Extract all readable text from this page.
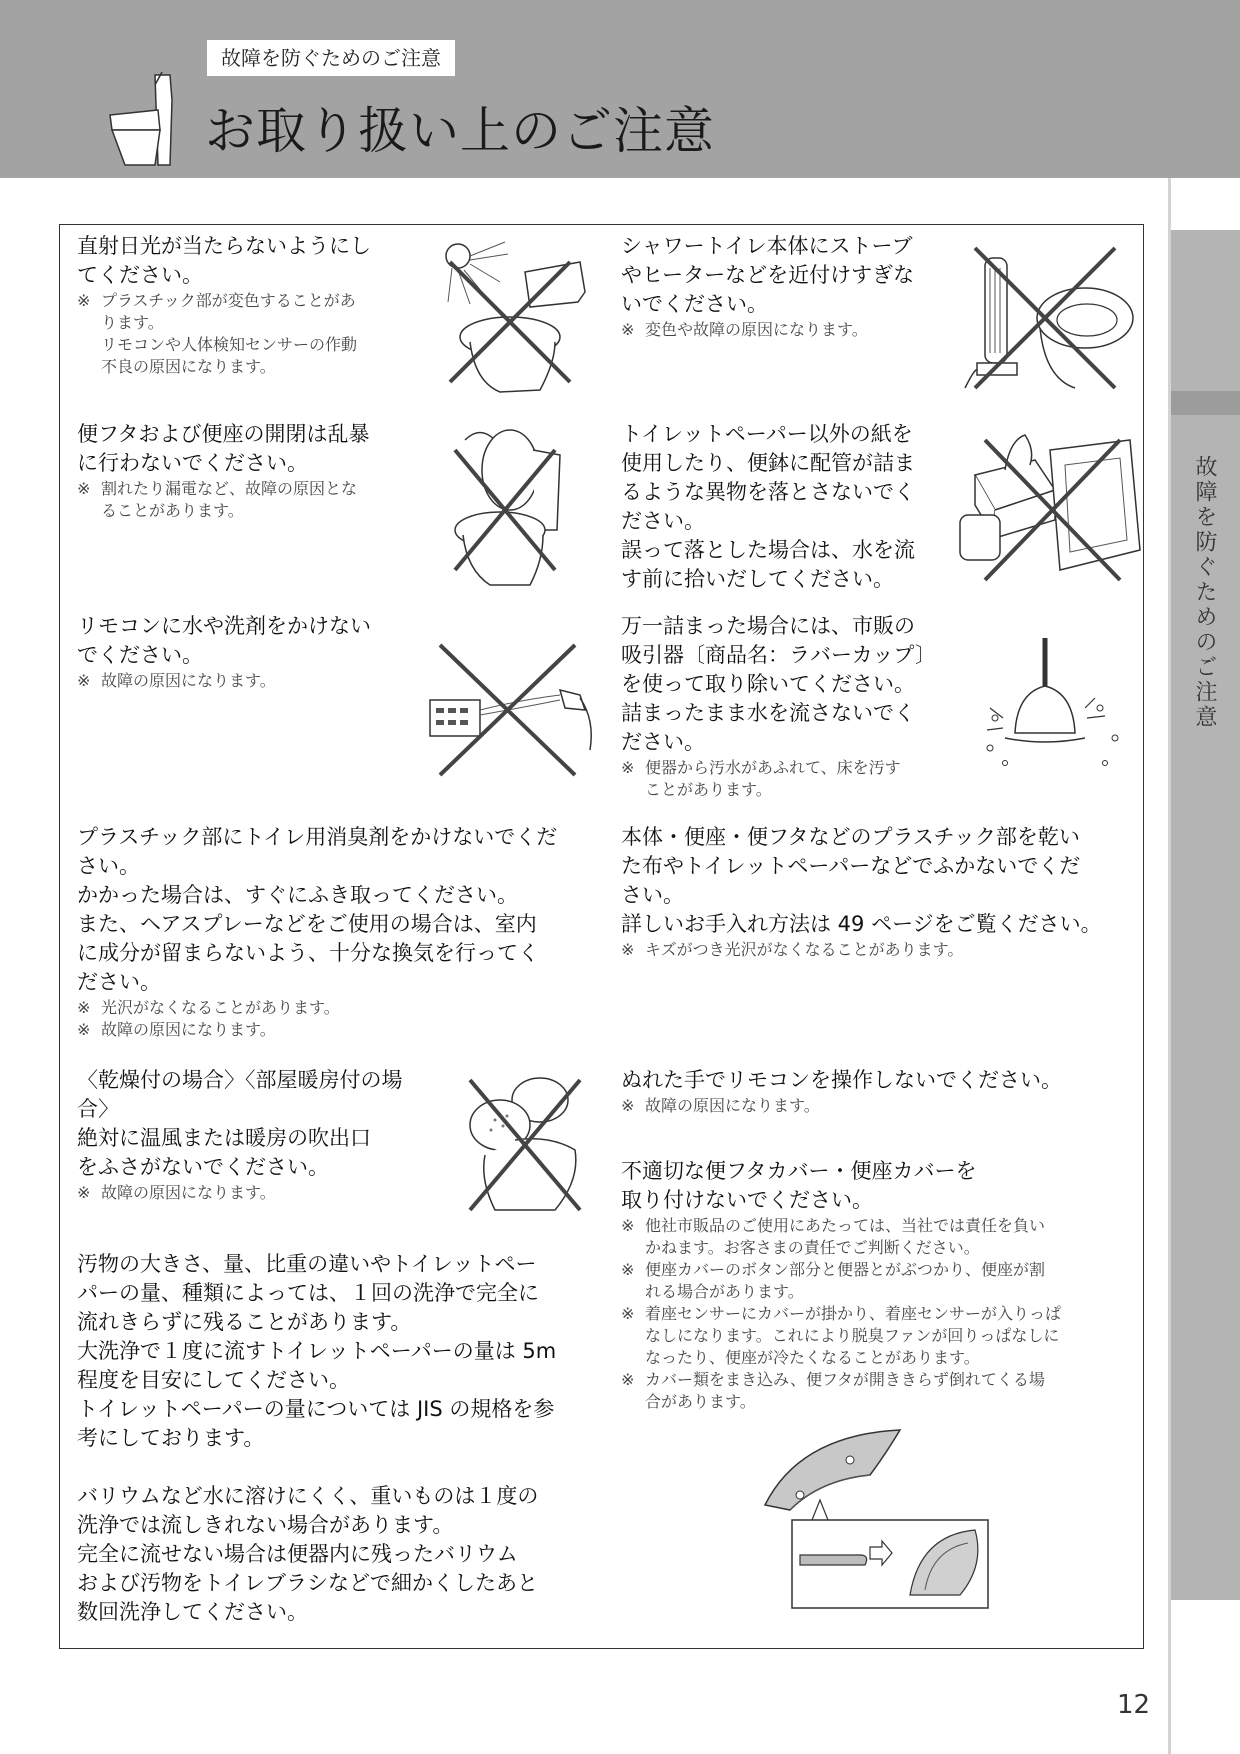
故障を防ぐためのご注意
お取り扱い上のご注意
故障を防ぐためのご注意

直射日光が当たらないようにし

てください。

※ プラスチック部が変色することがあ

ります。

リモコンや人体検知センサーの作動

不良の原因になります。

シャワートイレ本体にストーブ

やヒーターなどを近付けすぎな

いでください。

※ 変色や故障の原因になります。

便フタおよび便座の開閉は乱暴

に行わないでください。

※ 割れたり漏電など、故障の原因とな

ることがあります。

トイレットペーパー以外の紙を

使用したり、便鉢に配管が詰ま

るような異物を落とさないでく

ださい。

誤って落とした場合は、水を流

す前に拾いだしてください。

リモコンに水や洗剤をかけない

でください。

※ 故障の原因になります。

万一詰まった場合には、市販の

吸引器〔商品名：ラバーカップ〕

を使って取り除いてください。

詰まったまま水を流さないでく

ださい。

※ 便器から汚水があふれて、床を汚す

ことがあります。

プラスチック部にトイレ用消臭剤をかけないでくだ

さい。

かかった場合は、すぐにふき取ってください。

また、ヘアスプレーなどをご使用の場合は、室内

に成分が留まらないよう、十分な換気を行ってく

ださい。

※ 光沢がなくなることがあります。

※ 故障の原因になります。

本体・便座・便フタなどのプラスチック部を乾い

た布やトイレットペーパーなどでふかないでくだ

さい。

詳しいお手入れ方法は 49 ページをご覧ください。

※ キズがつき光沢がなくなることがあります。

〈乾燥付の場合〉〈部屋暖房付の場合〉

絶対に温風または暖房の吹出口

をふさがないでください。

※ 故障の原因になります。

ぬれた手でリモコンを操作しないでください。

※ 故障の原因になります。

不適切な便フタカバー・便座カバーを

取り付けないでください。

※ 他社市販品のご使用にあたっては、当社では責任を負い

かねます。お客さまの責任でご判断ください。

※ 便座カバーのボタン部分と便器とがぶつかり、便座が割

れる場合があります。

※ 着座センサーにカバーが掛かり、着座センサーが入りっぱ

なしになります。これにより脱臭ファンが回りっぱなしに

なったり、便座が冷たくなることがあります。

※ カバー類をまき込み、便フタが開ききらず倒れてくる場

合があります。

汚物の大きさ、量、比重の違いやトイレットペー

パーの量、種類によっては、１回の洗浄で完全に

流れきらずに残ることがあります。

大洗浄で１度に流すトイレットペーパーの量は 5m

程度を目安にしてください。

トイレットペーパーの量については JIS の規格を参

考にしております。

バリウムなど水に溶けにくく、重いものは１度の

洗浄では流しきれない場合があります。

完全に流せない場合は便器内に残ったバリウム

および汚物をトイレブラシなどで細かくしたあと

数回洗浄してください。

12
